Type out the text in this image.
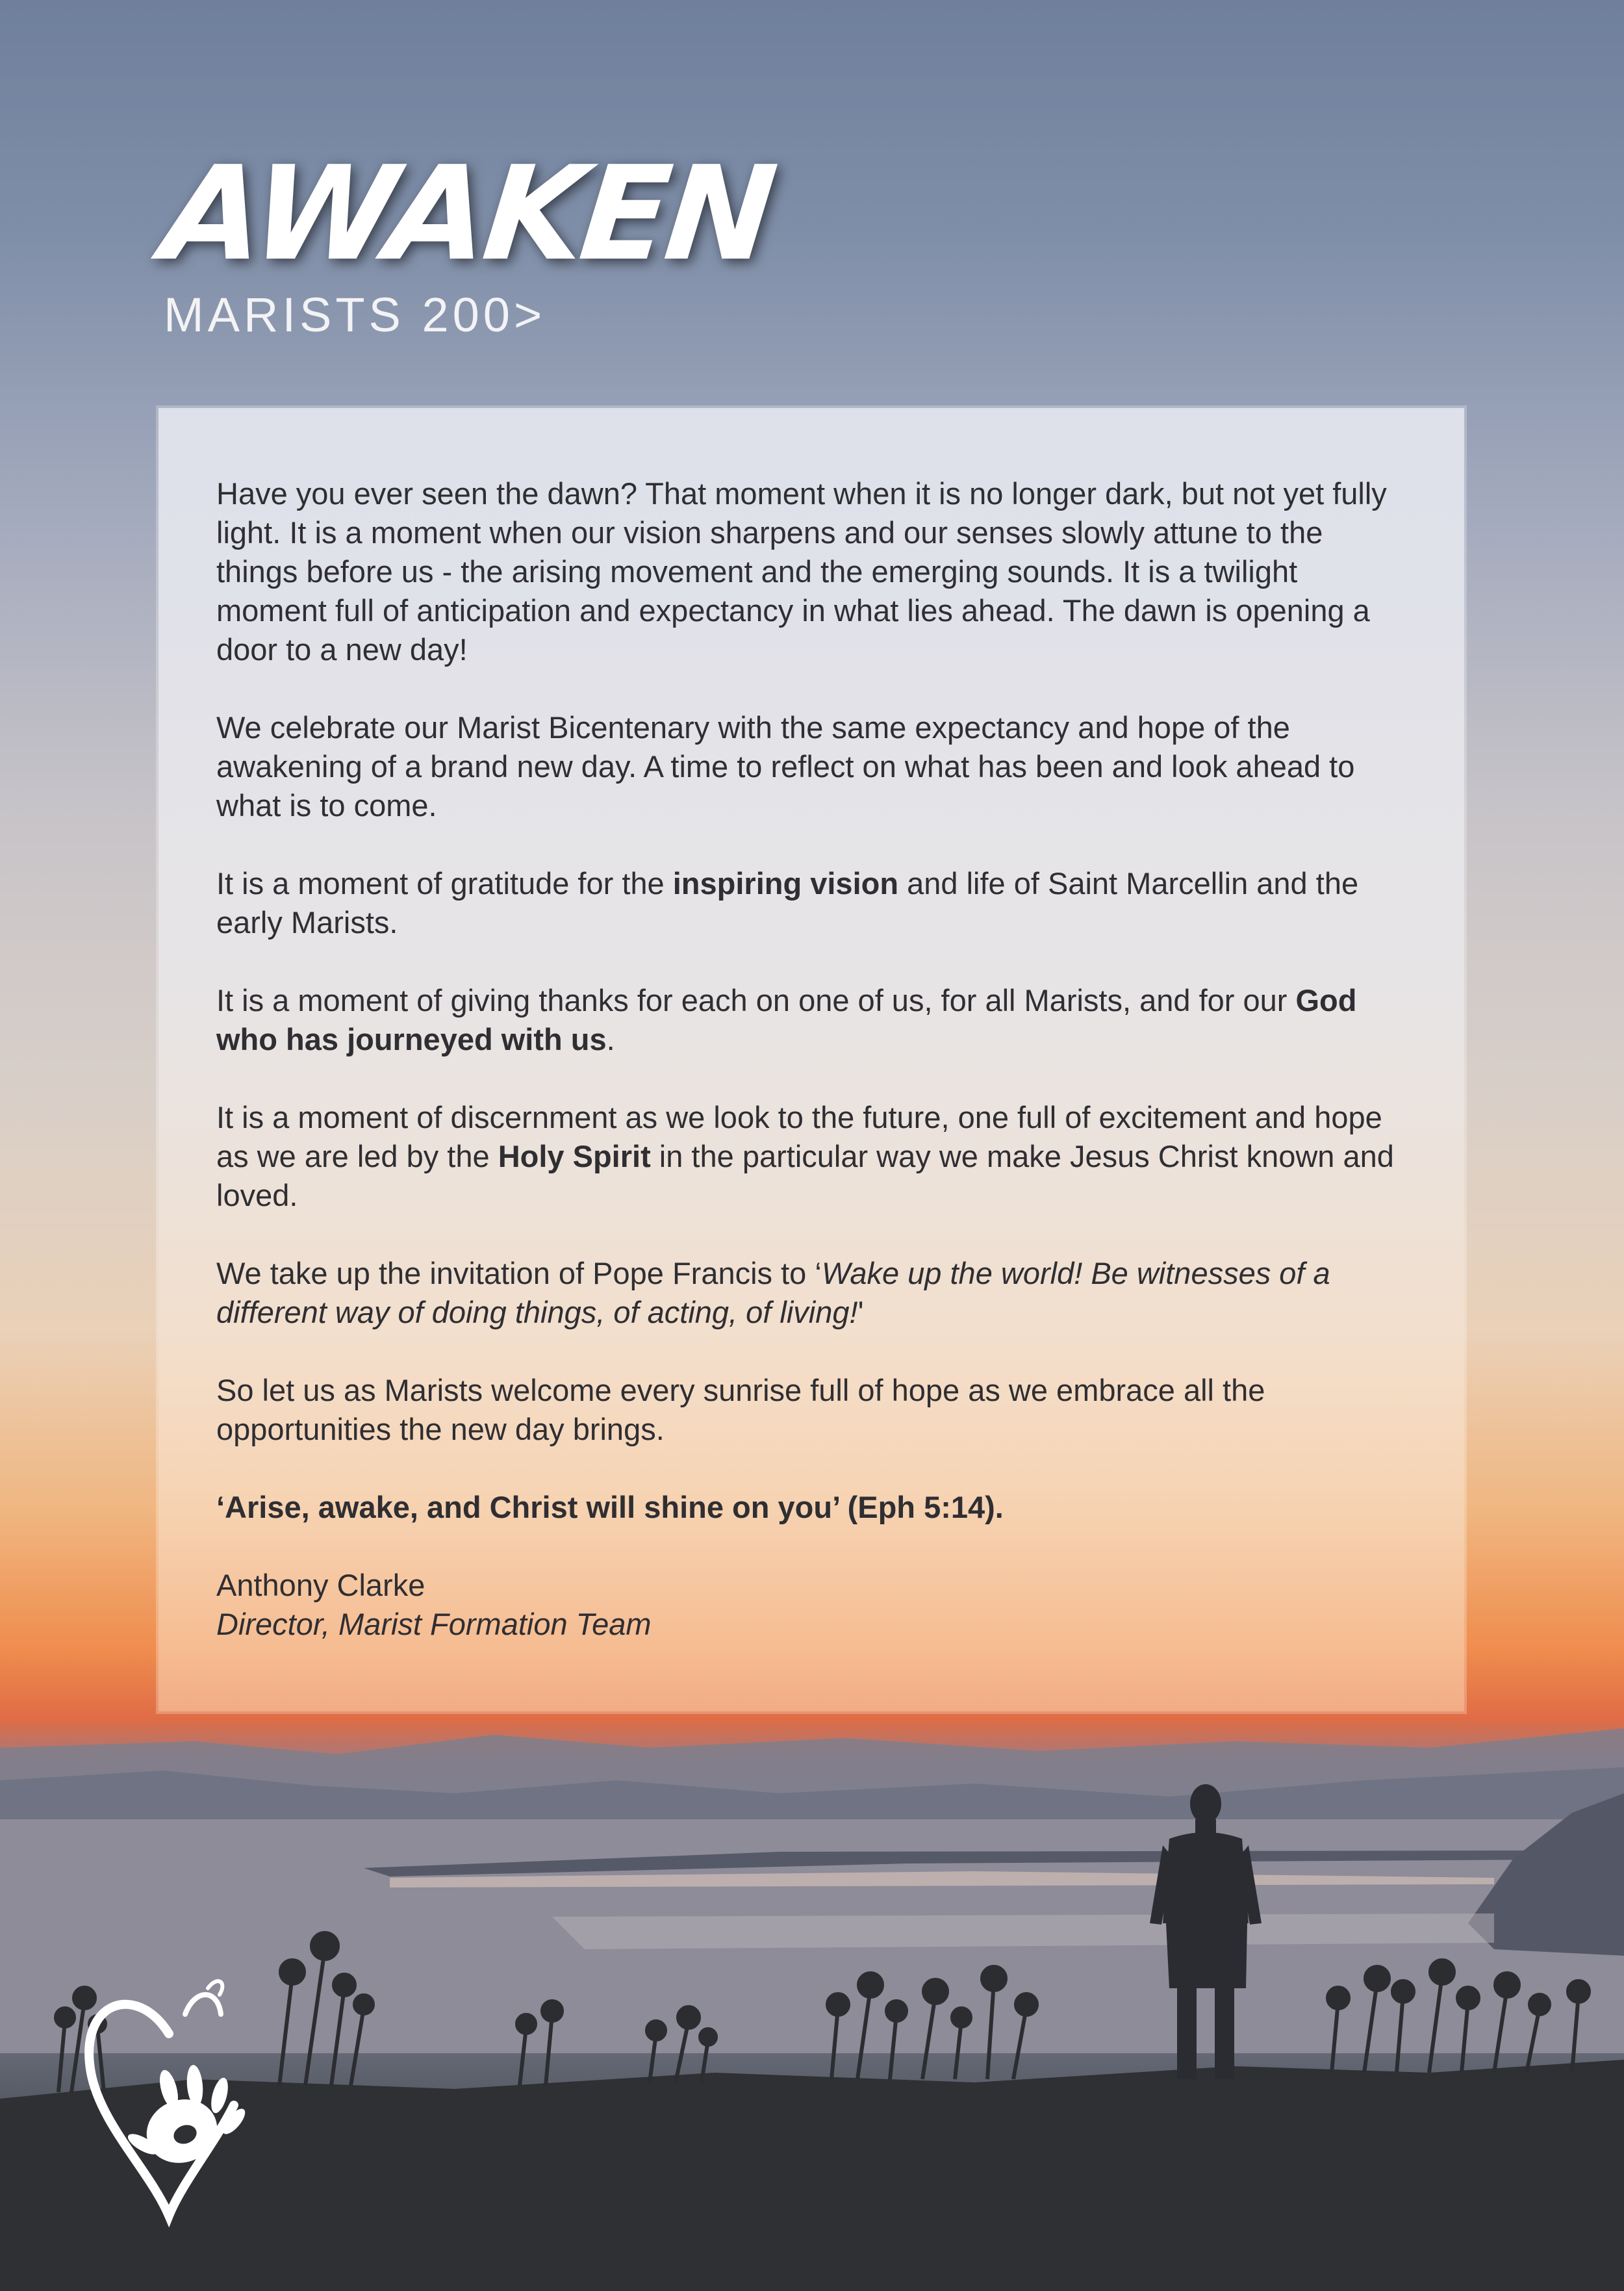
AWAKEN
MARISTS 200>

Have you ever seen the dawn? That moment when it is no longer dark, but not yet fully light. It is a moment when our vision sharpens and our senses slowly attune to the things before us - the arising movement and the emerging sounds. It is a twilight moment full of anticipation and expectancy in what lies ahead. The dawn is opening a door to a new day!

We celebrate our Marist Bicentenary with the same expectancy and hope of the awakening of a brand new day. A time to reflect on what has been and look ahead to what is to come.

It is a moment of gratitude for the inspiring vision and life of Saint Marcellin and the early Marists.

It is a moment of giving thanks for each on one of us, for all Marists, and for our God who has journeyed with us.

It is a moment of discernment as we look to the future, one full of excitement and hope as we are led by the Holy Spirit in the particular way we make Jesus Christ known and loved.

We take up the invitation of Pope Francis to ‘Wake up the world! Be witnesses of a different way of doing things, of acting, of living!'

So let us as Marists welcome every sunrise full of hope as we embrace all the opportunities the new day brings.

‘Arise, awake, and Christ will shine on you’ (Eph 5:14).

Anthony Clarke

Director, Marist Formation Team
